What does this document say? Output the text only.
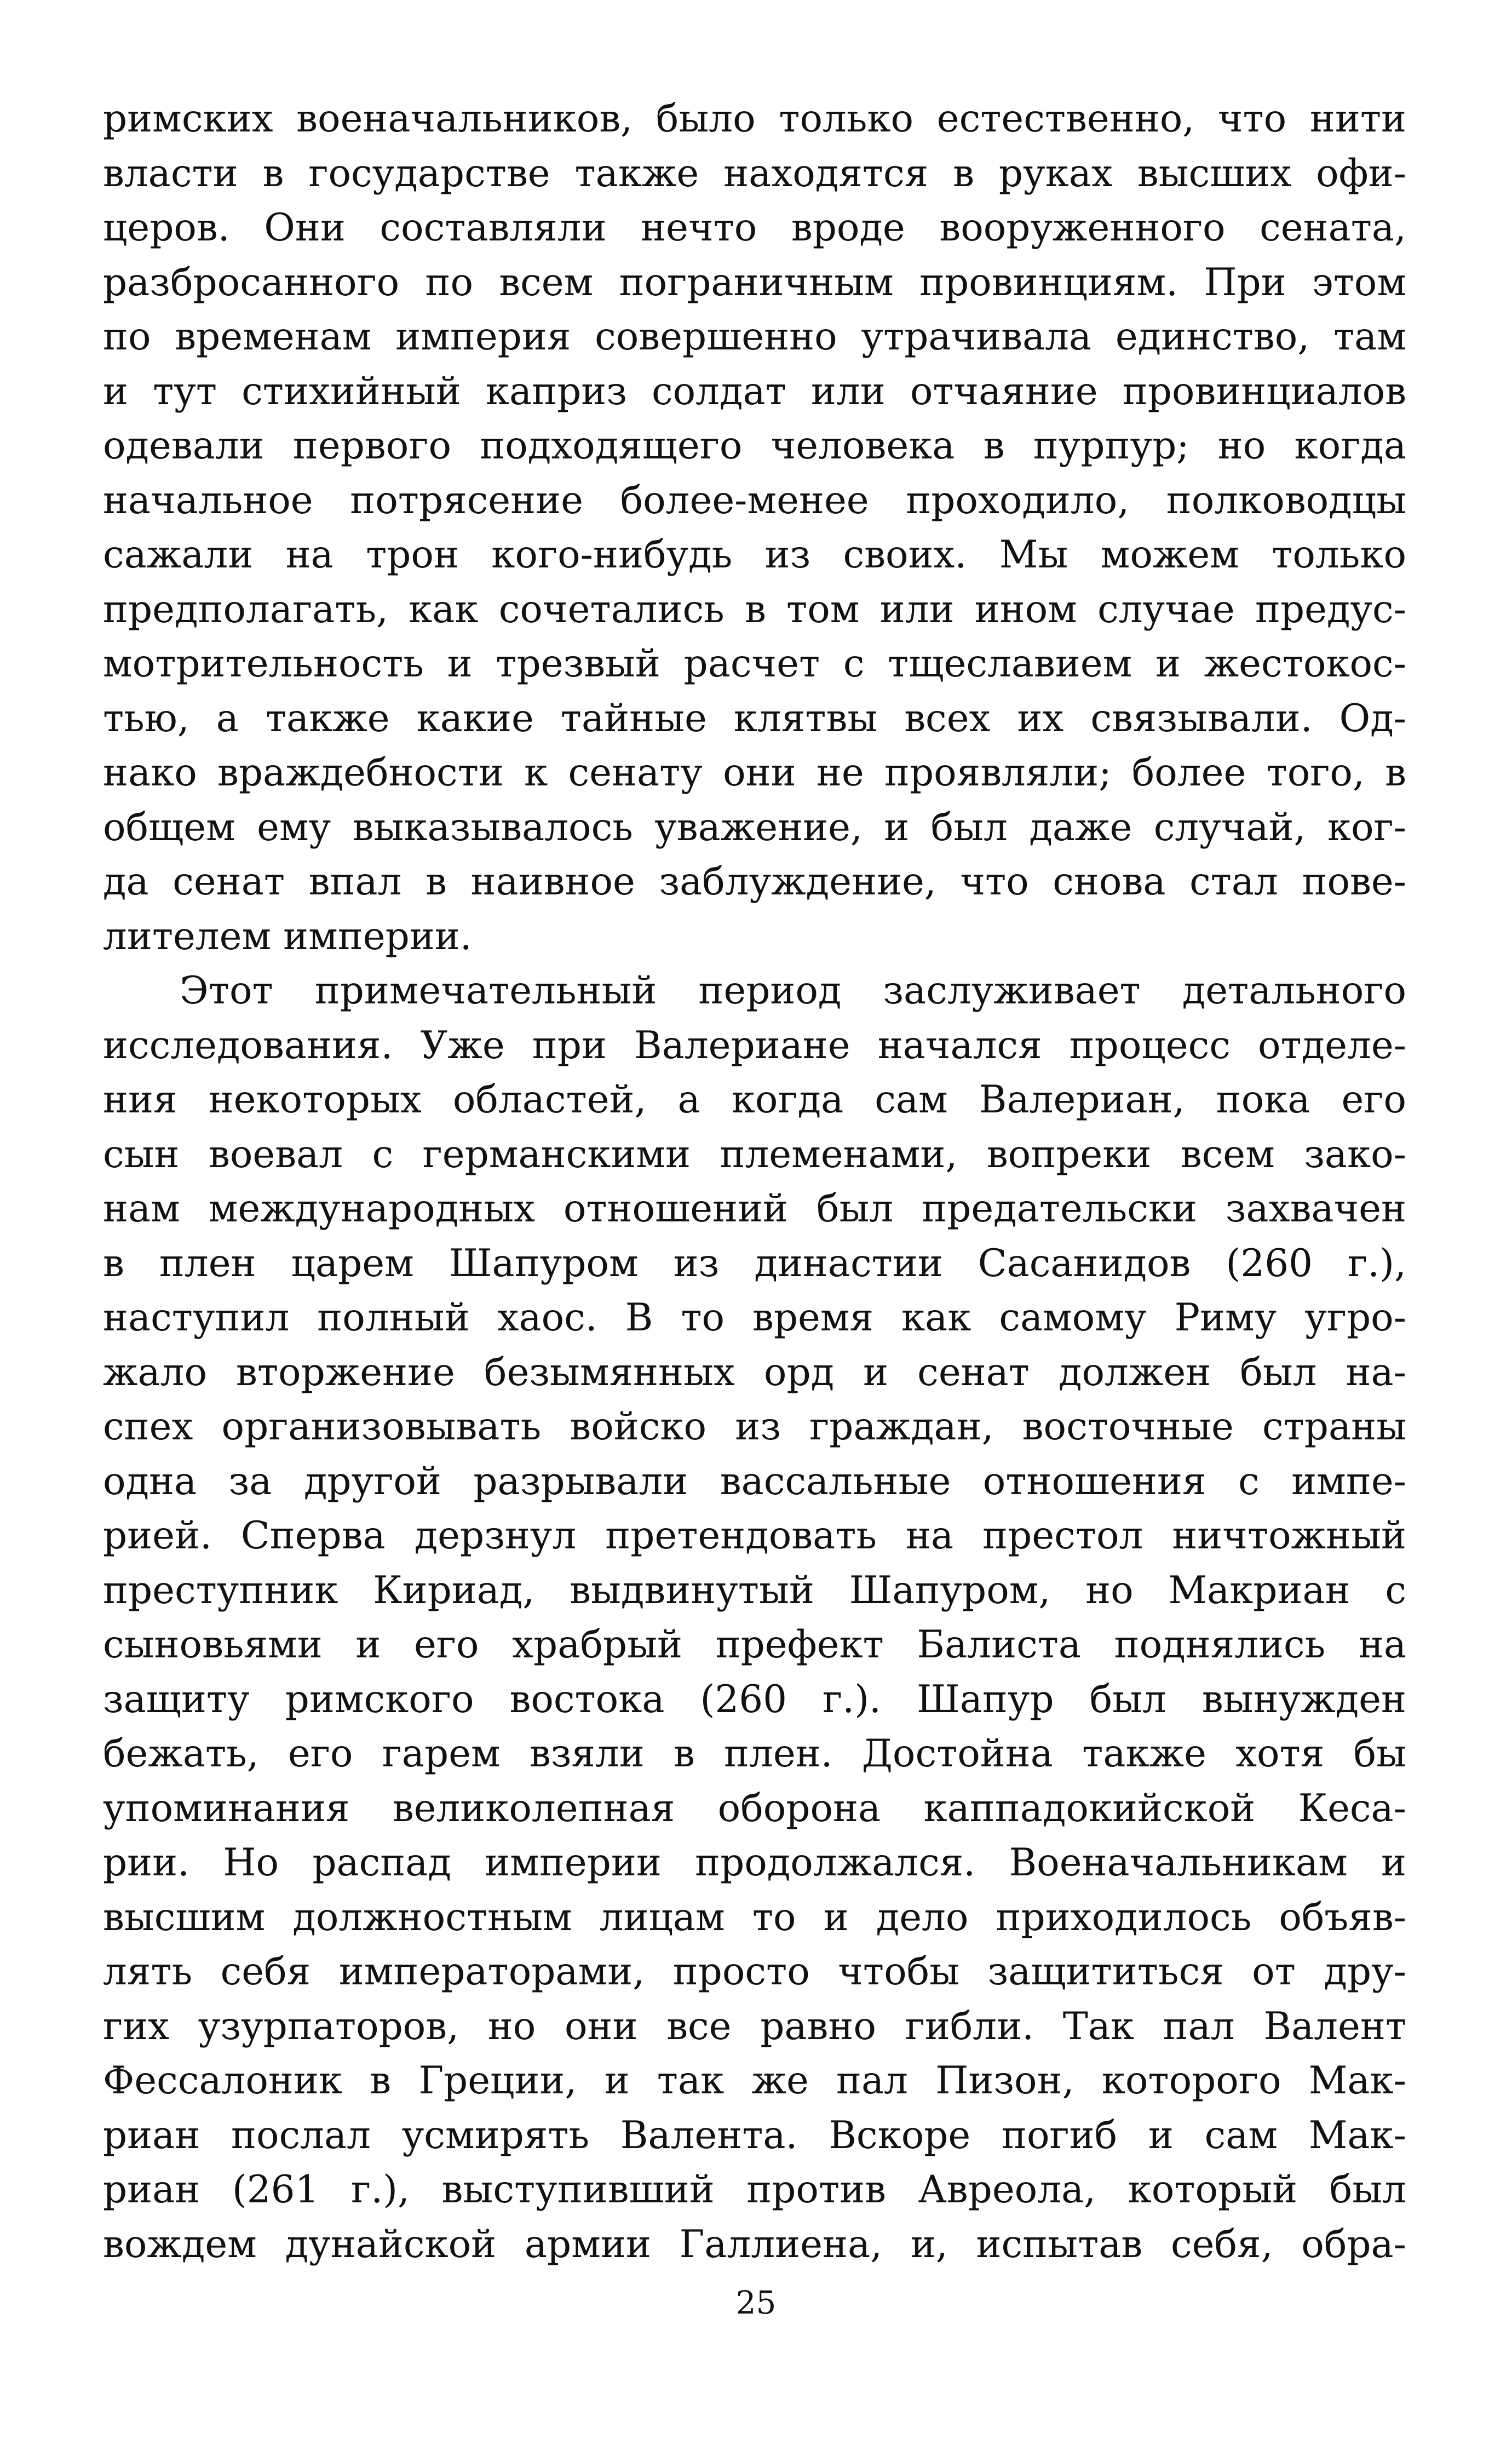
римских военачальников, было только естественно, что нити
власти в государстве также находятся в руках высших офи-
церов. Они составляли нечто вроде вооруженного сената,
разбросанного по всем пограничным провинциям. При этом
по временам империя совершенно утрачивала единство, там
и тут стихийный каприз солдат или отчаяние провинциалов
одевали первого подходящего человека в пурпур; но когда
начальное потрясение более-менее проходило, полководцы
сажали на трон кого-нибудь из своих. Мы можем только
предполагать, как сочетались в том или ином случае предус-
мотрительность и трезвый расчет с тщеславием и жестокос-
тью, а также какие тайные клятвы всех их связывали. Од-
нако враждебности к сенату они не проявляли; более того, в
общем ему выказывалось уважение, и был даже случай, ког-
да сенат впал в наивное заблуждение, что снова стал пове-
лителем империи.
Этот примечательный период заслуживает детального
исследования. Уже при Валериане начался процесс отделе-
ния некоторых областей, а когда сам Валериан, пока его
сын воевал с германскими племенами, вопреки всем зако-
нам международных отношений был предательски захвачен
в плен царем Шапуром из династии Сасанидов (260 г.),
наступил полный хаос. В то время как самому Риму угро-
жало вторжение безымянных орд и сенат должен был на-
спех организовывать войско из граждан, восточные страны
одна за другой разрывали вассальные отношения с импе-
рией. Сперва дерзнул претендовать на престол ничтожный
преступник Кириад, выдвинутый Шапуром, но Макриан с
сыновьями и его храбрый префект Балиста поднялись на
защиту римского востока (260 г.). Шапур был вынужден
бежать, его гарем взяли в плен. Достойна также хотя бы
упоминания великолепная оборона каппадокийской Кеса-
рии. Но распад империи продолжался. Военачальникам и
высшим должностным лицам то и дело приходилось объяв-
лять себя императорами, просто чтобы защититься от дру-
гих узурпаторов, но они все равно гибли. Так пал Валент
Фессалоник в Греции, и так же пал Пизон, которого Мак-
риан послал усмирять Валента. Вскоре погиб и сам Мак-
риан (261 г.), выступивший против Авреола, который был
вождем дунайской армии Галлиена, и, испытав себя, обра-
25
